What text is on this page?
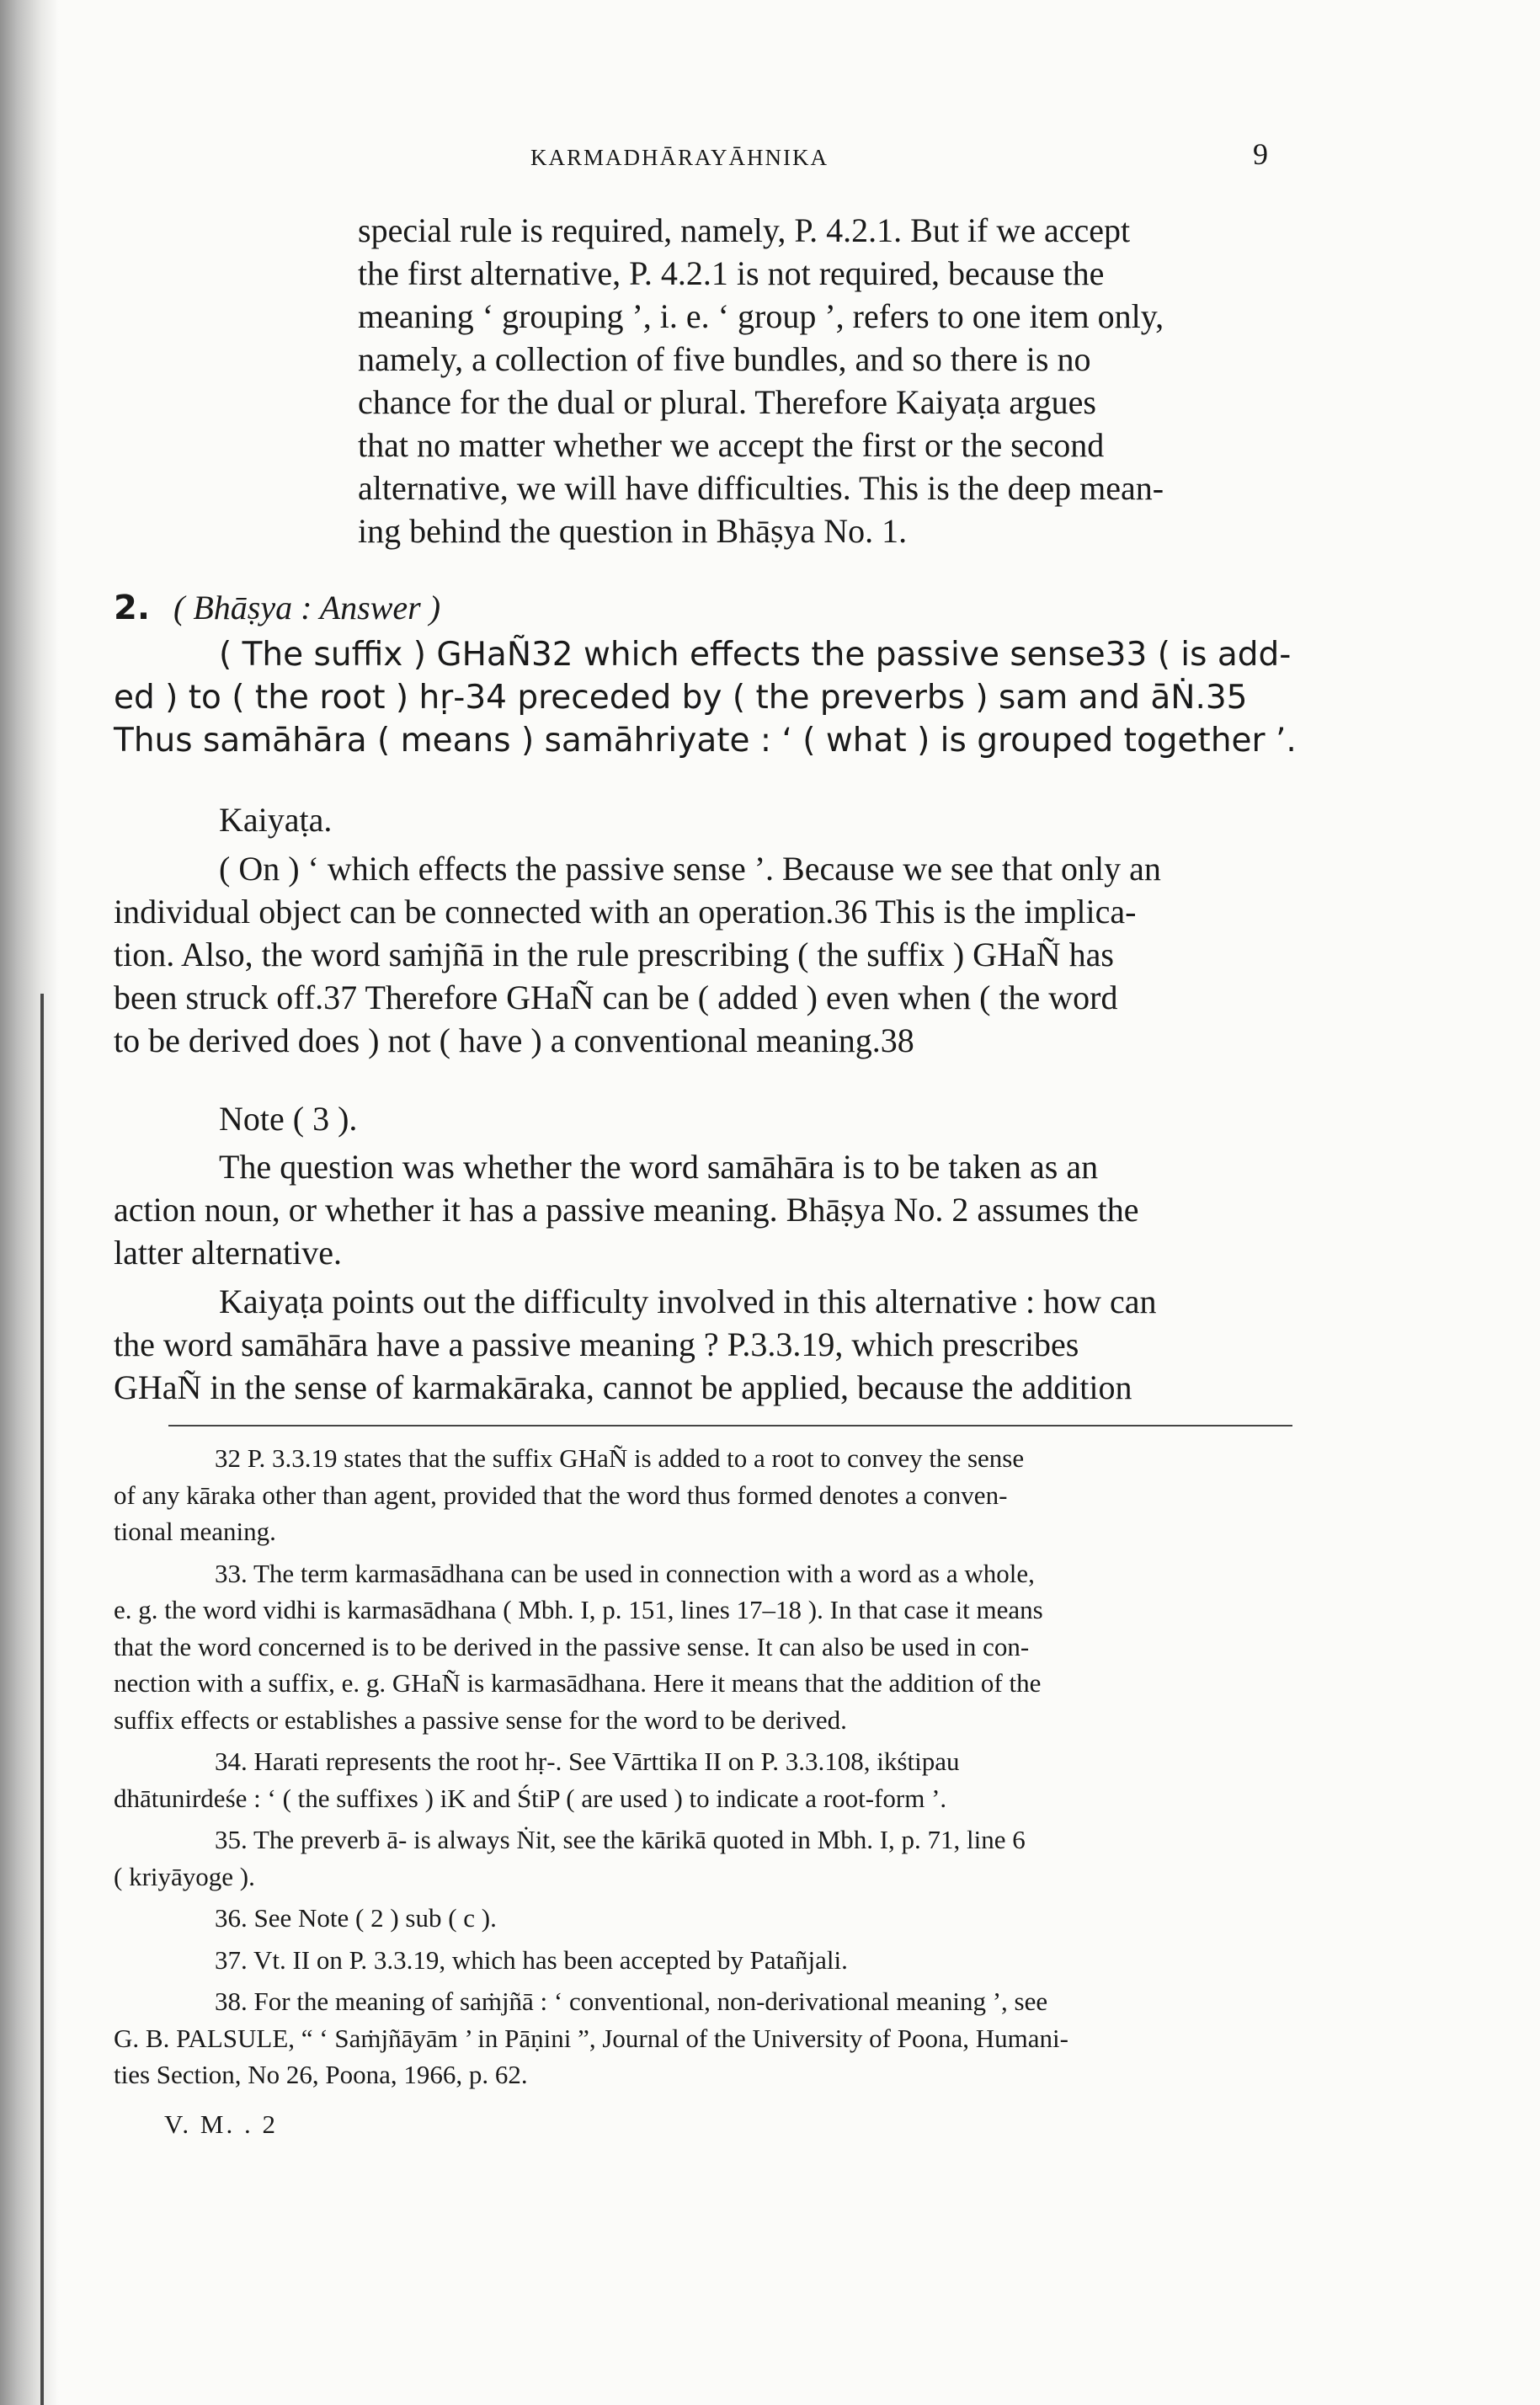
KARMADHĀRAYĀHNIKA	9
special rule is required, namely, P. 4.2.1. But if we accept
the first alternative, P. 4.2.1 is not required, because the
meaning ‘ grouping ’, i. e. ‘ group ’, refers to one item only,
namely, a collection of five bundles, and so there is no
chance for the dual or plural. Therefore Kaiyaṭa argues
that no matter whether we accept the first or the second
alternative, we will have difficulties. This is the deep mean-
ing behind the question in Bhāṣya No. 1.
2. ( Bhāṣya : Answer )
( The suffix ) GHaÑ32 which effects the passive sense33 ( is add-
ed ) to ( the root ) hṛ-34 preceded by ( the preverbs ) sam and āṄ.35
Thus samāhāra ( means ) samāhriyate : ‘ ( what ) is grouped together ’.
Kaiyaṭa.
( On ) ‘ which effects the passive sense ’. Because we see that only an
individual object can be connected with an operation.36 This is the implica-
tion. Also, the word saṁjñā in the rule prescribing ( the suffix ) GHaÑ has
been struck off.37 Therefore GHaÑ can be ( added ) even when ( the word
to be derived does ) not ( have ) a conventional meaning.38
Note ( 3 ).
The question was whether the word samāhāra is to be taken as an
action noun, or whether it has a passive meaning. Bhāṣya No. 2 assumes the
latter alternative.
Kaiyaṭa points out the difficulty involved in this alternative : how can
the word samāhāra have a passive meaning ? P.3.3.19, which prescribes
GHaÑ in the sense of karmakāraka, cannot be applied, because the addition

32 P. 3.3.19 states that the suffix GHaÑ is added to a root to convey the sense
of any kāraka other than agent, provided that the word thus formed denotes a conven-
tional meaning.

33. The term karmasādhana can be used in connection with a word as a whole,
e. g. the word vidhi is karmasādhana ( Mbh. I, p. 151, lines 17–18 ). In that case it means
that the word concerned is to be derived in the passive sense. It can also be used in con-
nection with a suffix, e. g. GHaÑ is karmasādhana. Here it means that the addition of the
suffix effects or establishes a passive sense for the word to be derived.

34. Harati represents the root hṛ-. See Vārttika II on P. 3.3.108, ikśtipau
dhātunirdeśe : ‘ ( the suffixes ) iK and ŚtiP ( are used ) to indicate a root-form ’.

35. The preverb ā- is always Ṅit, see the kārikā quoted in Mbh. I, p. 71, line 6
( kriyāyoge ).

36. See Note ( 2 ) sub ( c ).

37. Vt. II on P. 3.3.19, which has been accepted by Patañjali.

38. For the meaning of saṁjñā : ‘ conventional, non-derivational meaning ’, see
G. B. PALSULE, “ ‘ Saṁjñāyām ’ in Pāṇini ”, Journal of the University of Poona, Humani-
ties Section, No 26, Poona, 1966, p. 62.

V. M. . 2
